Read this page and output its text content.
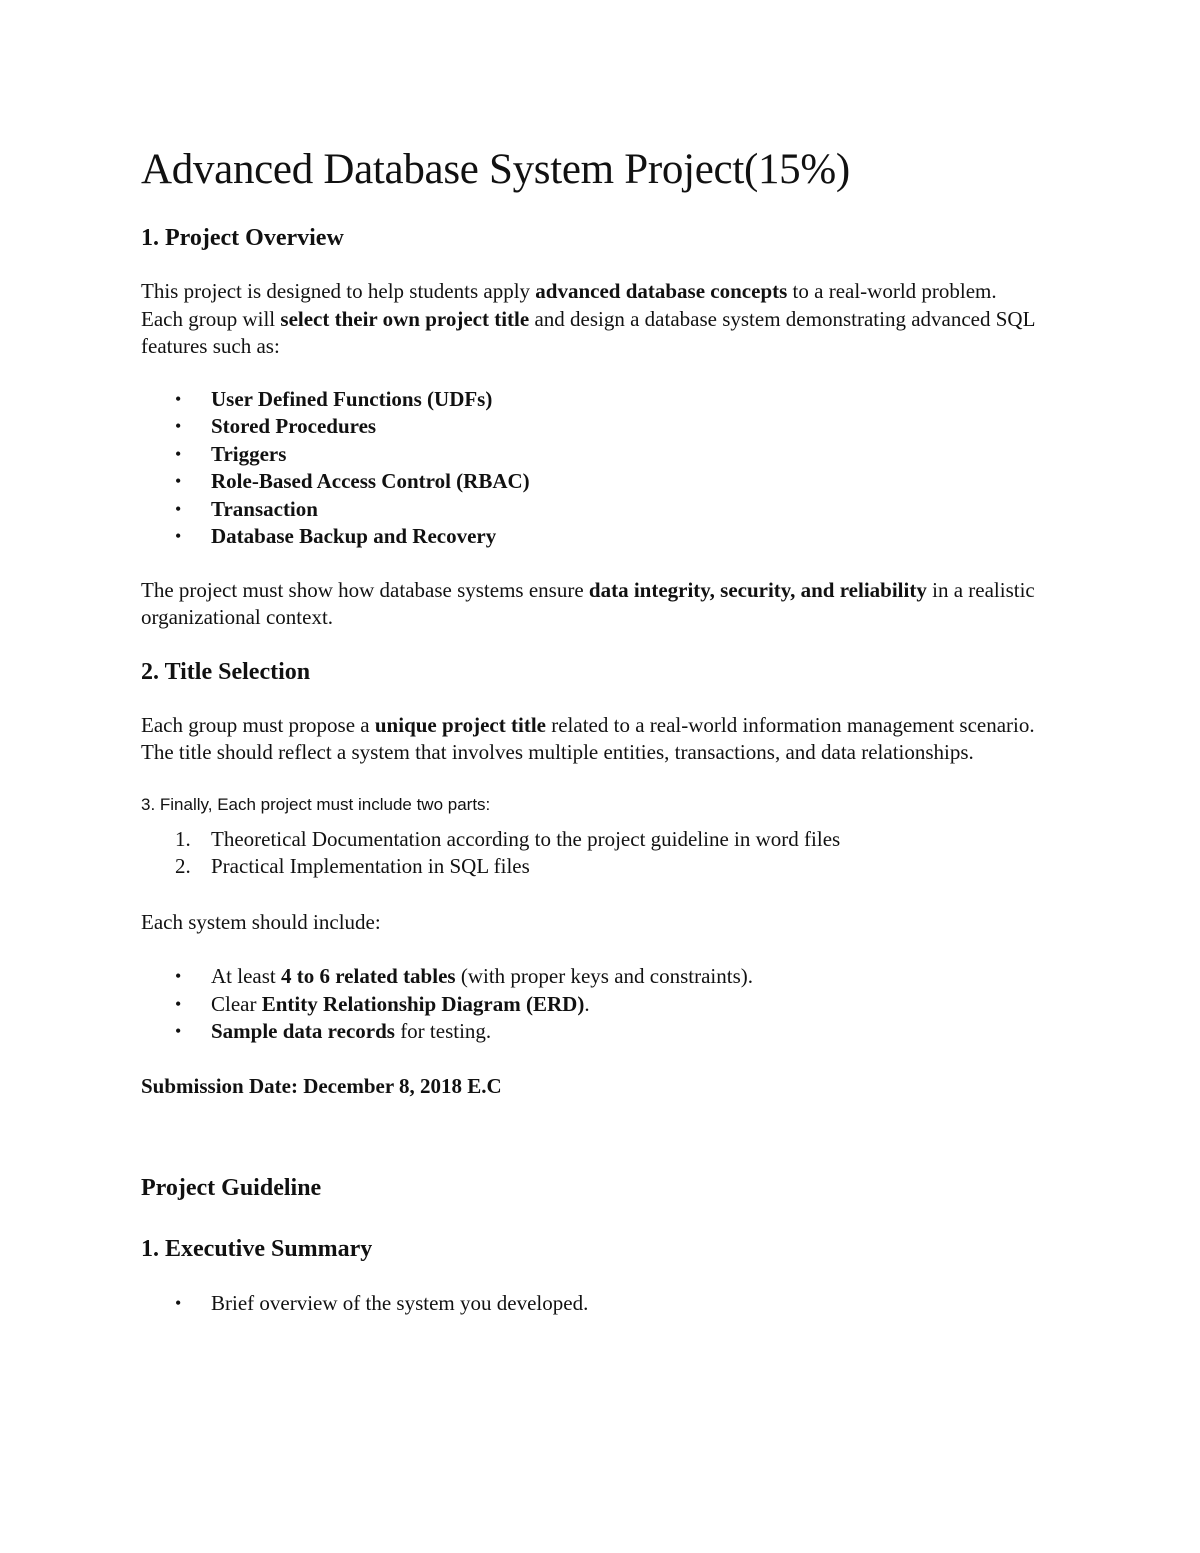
Advanced Database System Project(15%)
1. Project Overview

This project is designed to help students apply advanced database concepts to a real-world problem.

Each group will select their own project title and design a database system demonstrating advanced SQL features such as:

• User Defined Functions (UDFs)
• Stored Procedures
• Triggers
• Role-Based Access Control (RBAC)
• Transaction
• Database Backup and Recovery

The project must show how database systems ensure data integrity, security, and reliability in a realistic organizational context.

2. Title Selection

Each group must propose a unique project title related to a real-world information management scenario. The title should reflect a system that involves multiple entities, transactions, and data relationships.

3. Finally, Each project must include two parts:

1. Theoretical Documentation according to the project guideline in word files
2. Practical Implementation in SQL files

Each system should include:

• At least 4 to 6 related tables (with proper keys and constraints).
• Clear Entity Relationship Diagram (ERD).
• Sample data records for testing.

Submission Date: December 8, 2018 E.C

Project Guideline
1. Executive Summary
• Brief overview of the system you developed.
